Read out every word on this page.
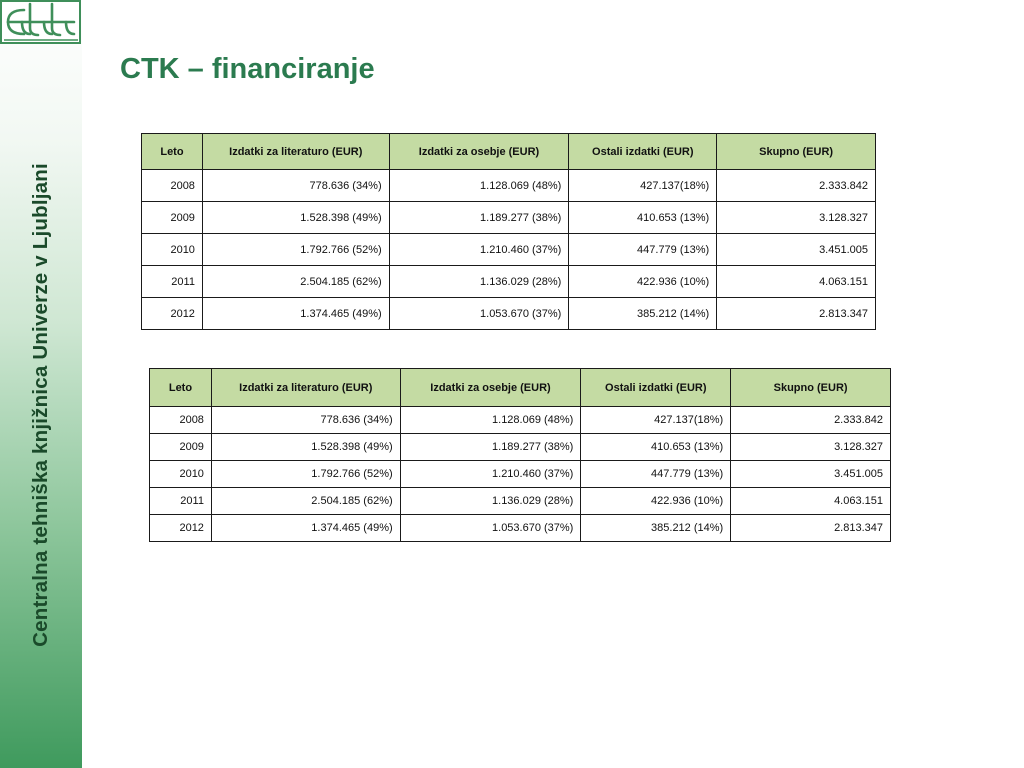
Centralna tehniška knjižnica Univerze v Ljubljani
CTK – financiranje
Leto	Izdatki za literaturo (EUR)	Izdatki za osebje (EUR)	Ostali izdatki (EUR)	Skupno (EUR)
2008	778.636 (34%)	1.128.069 (48%)	427.137(18%)	2.333.842
2009	1.528.398 (49%)	1.189.277 (38%)	410.653 (13%)	3.128.327
2010	1.792.766 (52%)	1.210.460 (37%)	447.779 (13%)	3.451.005
2011	2.504.185 (62%)	1.136.029 (28%)	422.936 (10%)	4.063.151
2012	1.374.465 (49%)	1.053.670 (37%)	385.212 (14%)	2.813.347
Leto	Izdatki za literaturo (EUR)	Izdatki za osebje (EUR)	Ostali izdatki (EUR)	Skupno (EUR)
2008	778.636 (34%)	1.128.069 (48%)	427.137(18%)	2.333.842
2009	1.528.398 (49%)	1.189.277 (38%)	410.653 (13%)	3.128.327
2010	1.792.766 (52%)	1.210.460 (37%)	447.779 (13%)	3.451.005
2011	2.504.185 (62%)	1.136.029 (28%)	422.936 (10%)	4.063.151
2012	1.374.465 (49%)	1.053.670 (37%)	385.212 (14%)	2.813.347
